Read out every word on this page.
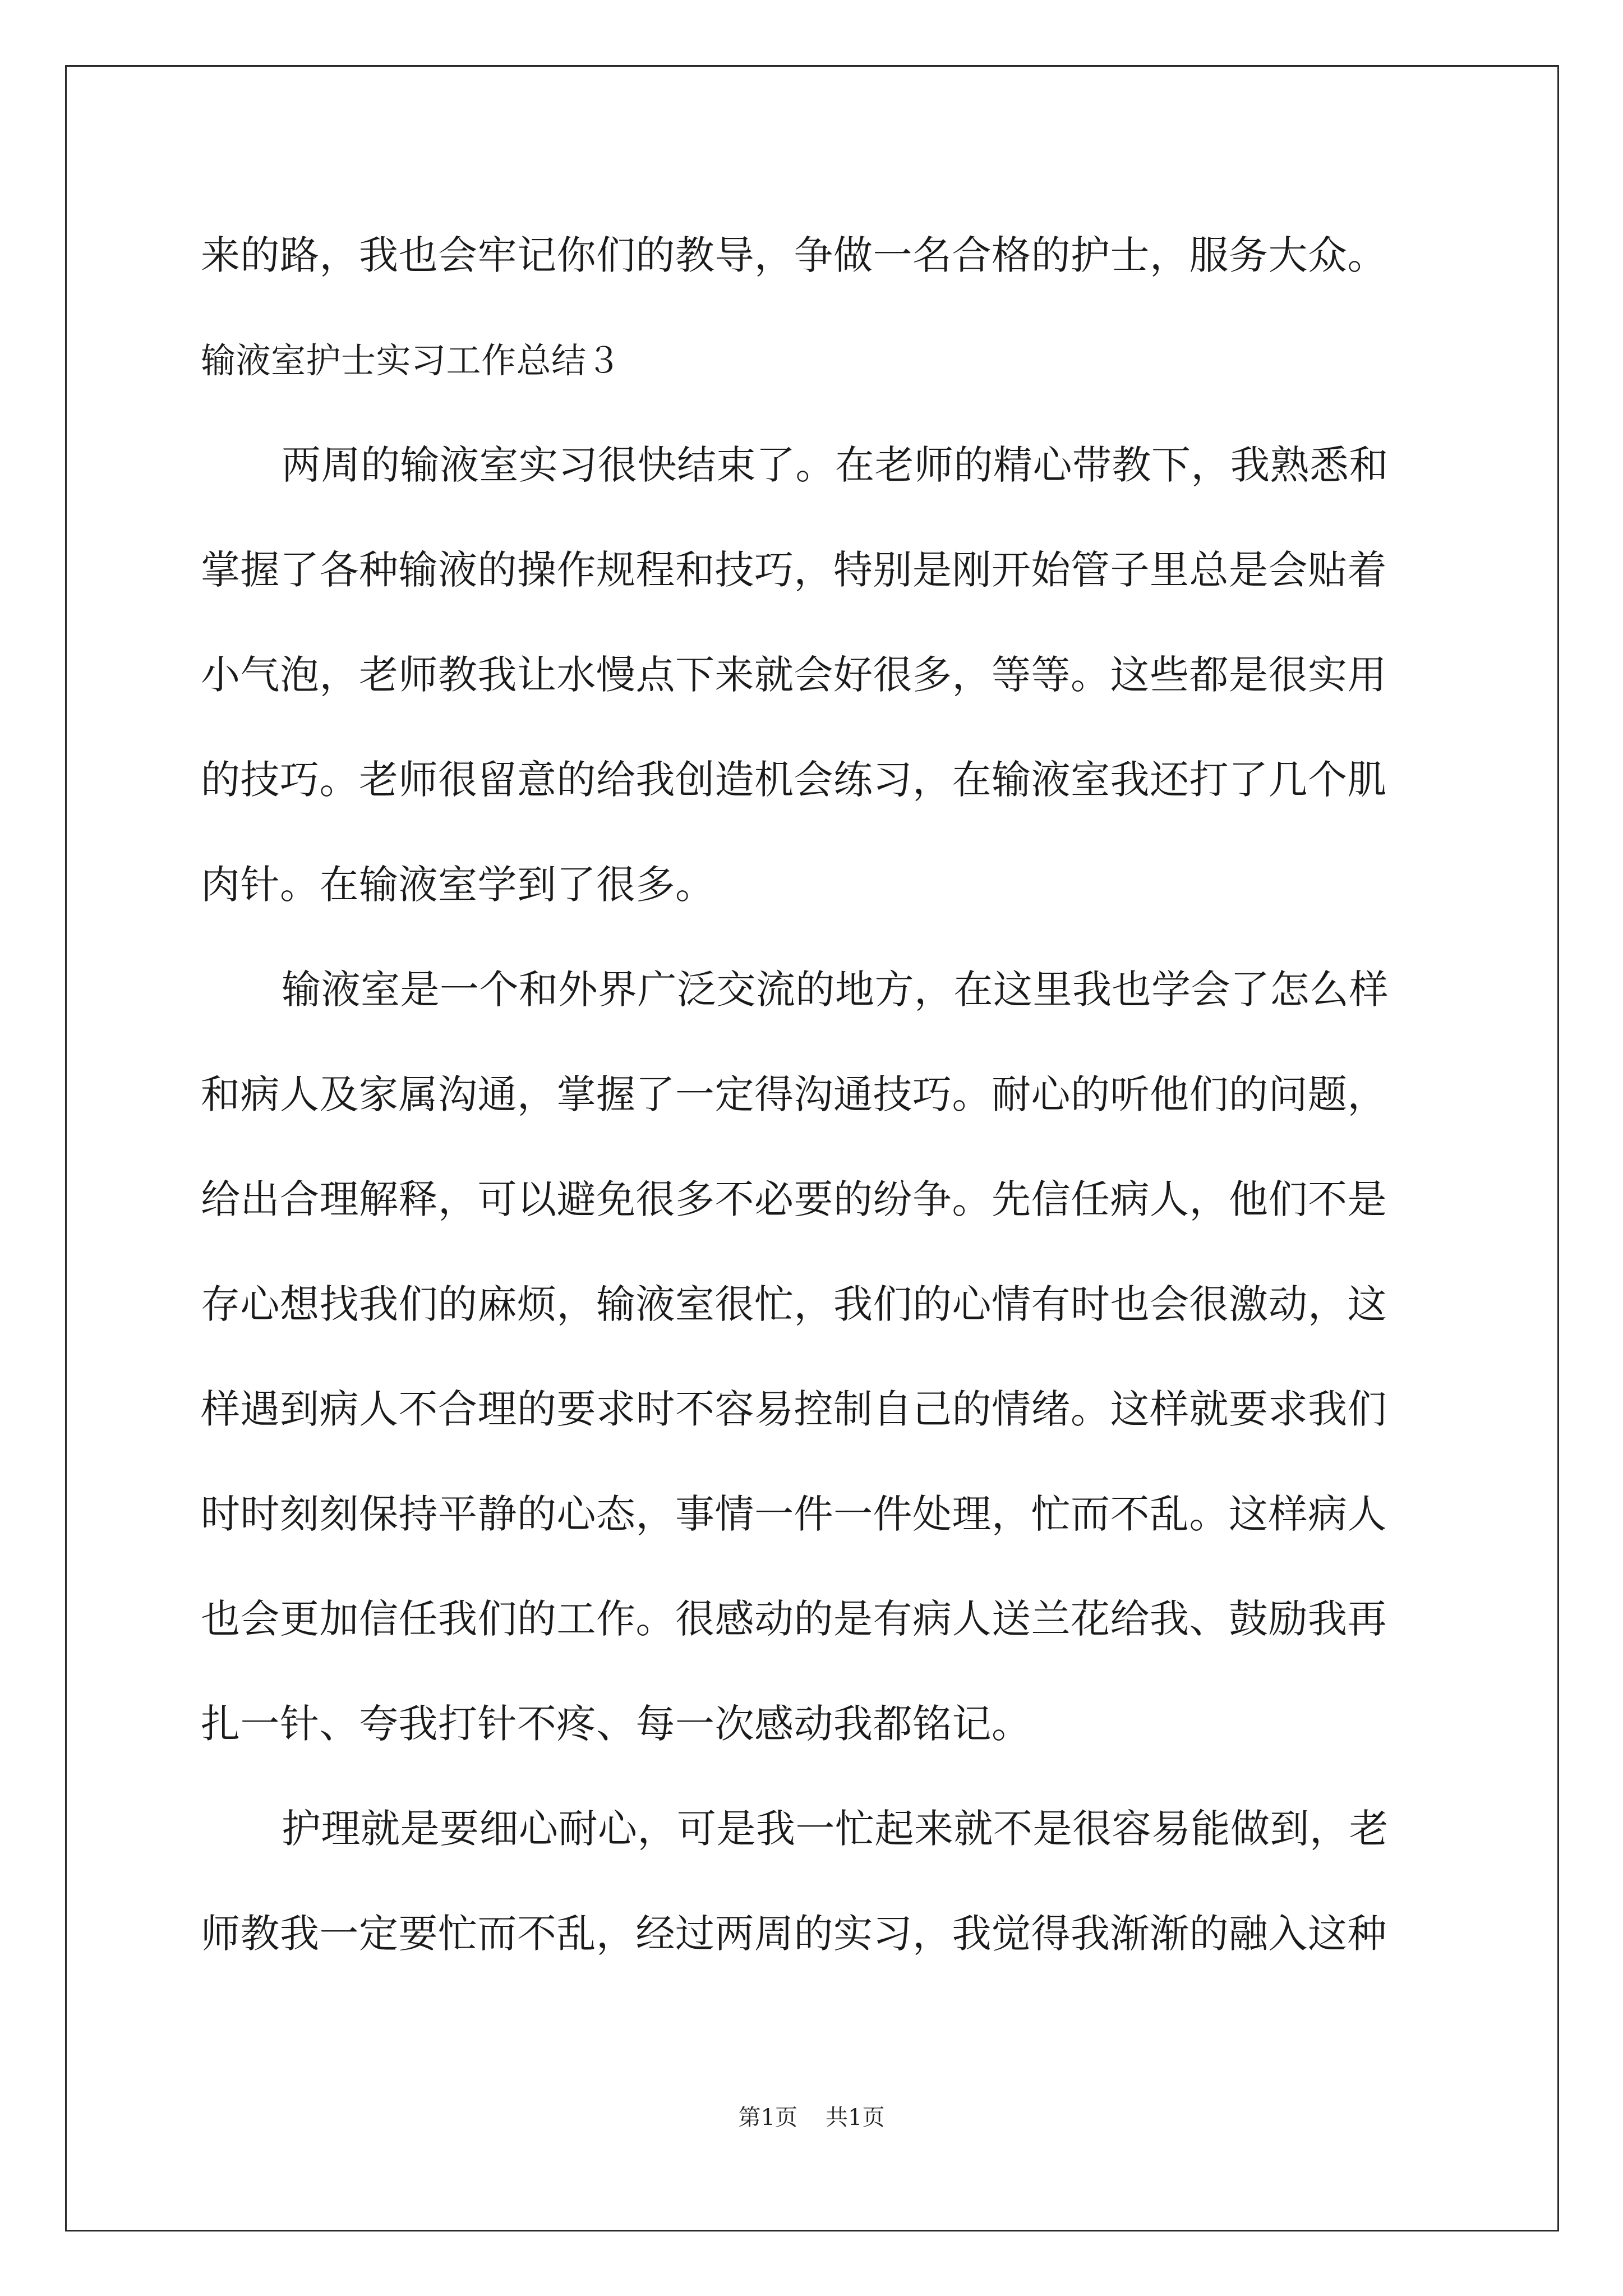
来的路，我也会牢记你们的教导，争做一名合格的护士，服务大众。
输液室护士实习工作总结３
两周的输液室实习很快结束了。在老师的精心带教下，我熟悉和
掌握了各种输液的操作规程和技巧，特别是刚开始管子里总是会贴着
小气泡，老师教我让水慢点下来就会好很多，等等。这些都是很实用
的技巧。老师很留意的给我创造机会练习，在输液室我还打了几个肌
肉针。在输液室学到了很多。
输液室是一个和外界广泛交流的地方，在这里我也学会了怎么样
和病人及家属沟通，掌握了一定得沟通技巧。耐心的听他们的问题，
给出合理解释，可以避免很多不必要的纷争。先信任病人，他们不是
存心想找我们的麻烦，输液室很忙，我们的心情有时也会很激动，这
样遇到病人不合理的要求时不容易控制自己的情绪。这样就要求我们
时时刻刻保持平静的心态，事情一件一件处理，忙而不乱。这样病人
也会更加信任我们的工作。很感动的是有病人送兰花给我、鼓励我再
扎一针、夸我打针不疼、每一次感动我都铭记。
护理就是要细心耐心，可是我一忙起来就不是很容易能做到，老
师教我一定要忙而不乱，经过两周的实习，我觉得我渐渐的融入这种
第1页 共1页
